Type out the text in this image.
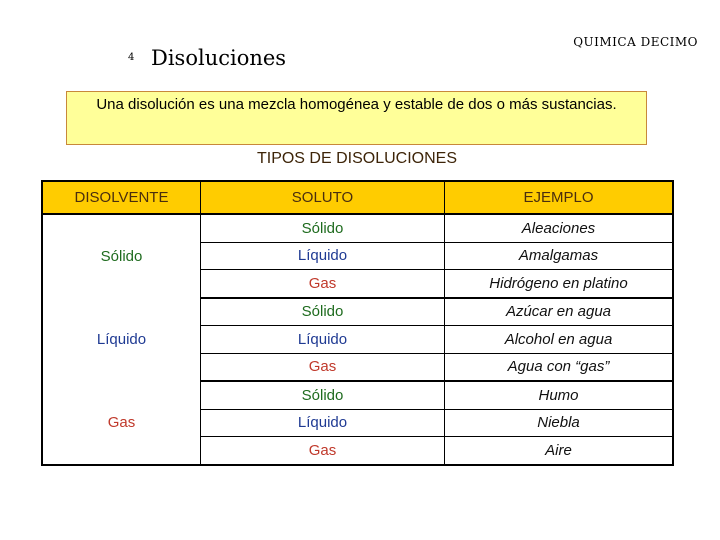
4 Disoluciones
QUIMICA DECIMO
Una disolución es una mezcla homogénea y estable de dos o más sustancias.
TIPOS DE DISOLUCIONES
DISOLVENTE	SOLUTO	EJEMPLO
Sólido	Sólido	Aleaciones
	Líquido	Amalgamas
	Gas	Hidrógeno en platino
Líquido	Sólido	Azúcar en agua
	Líquido	Alcohol en agua
	Gas	Agua con “gas”
Gas	Sólido	Humo
	Líquido	Niebla
	Gas	Aire
